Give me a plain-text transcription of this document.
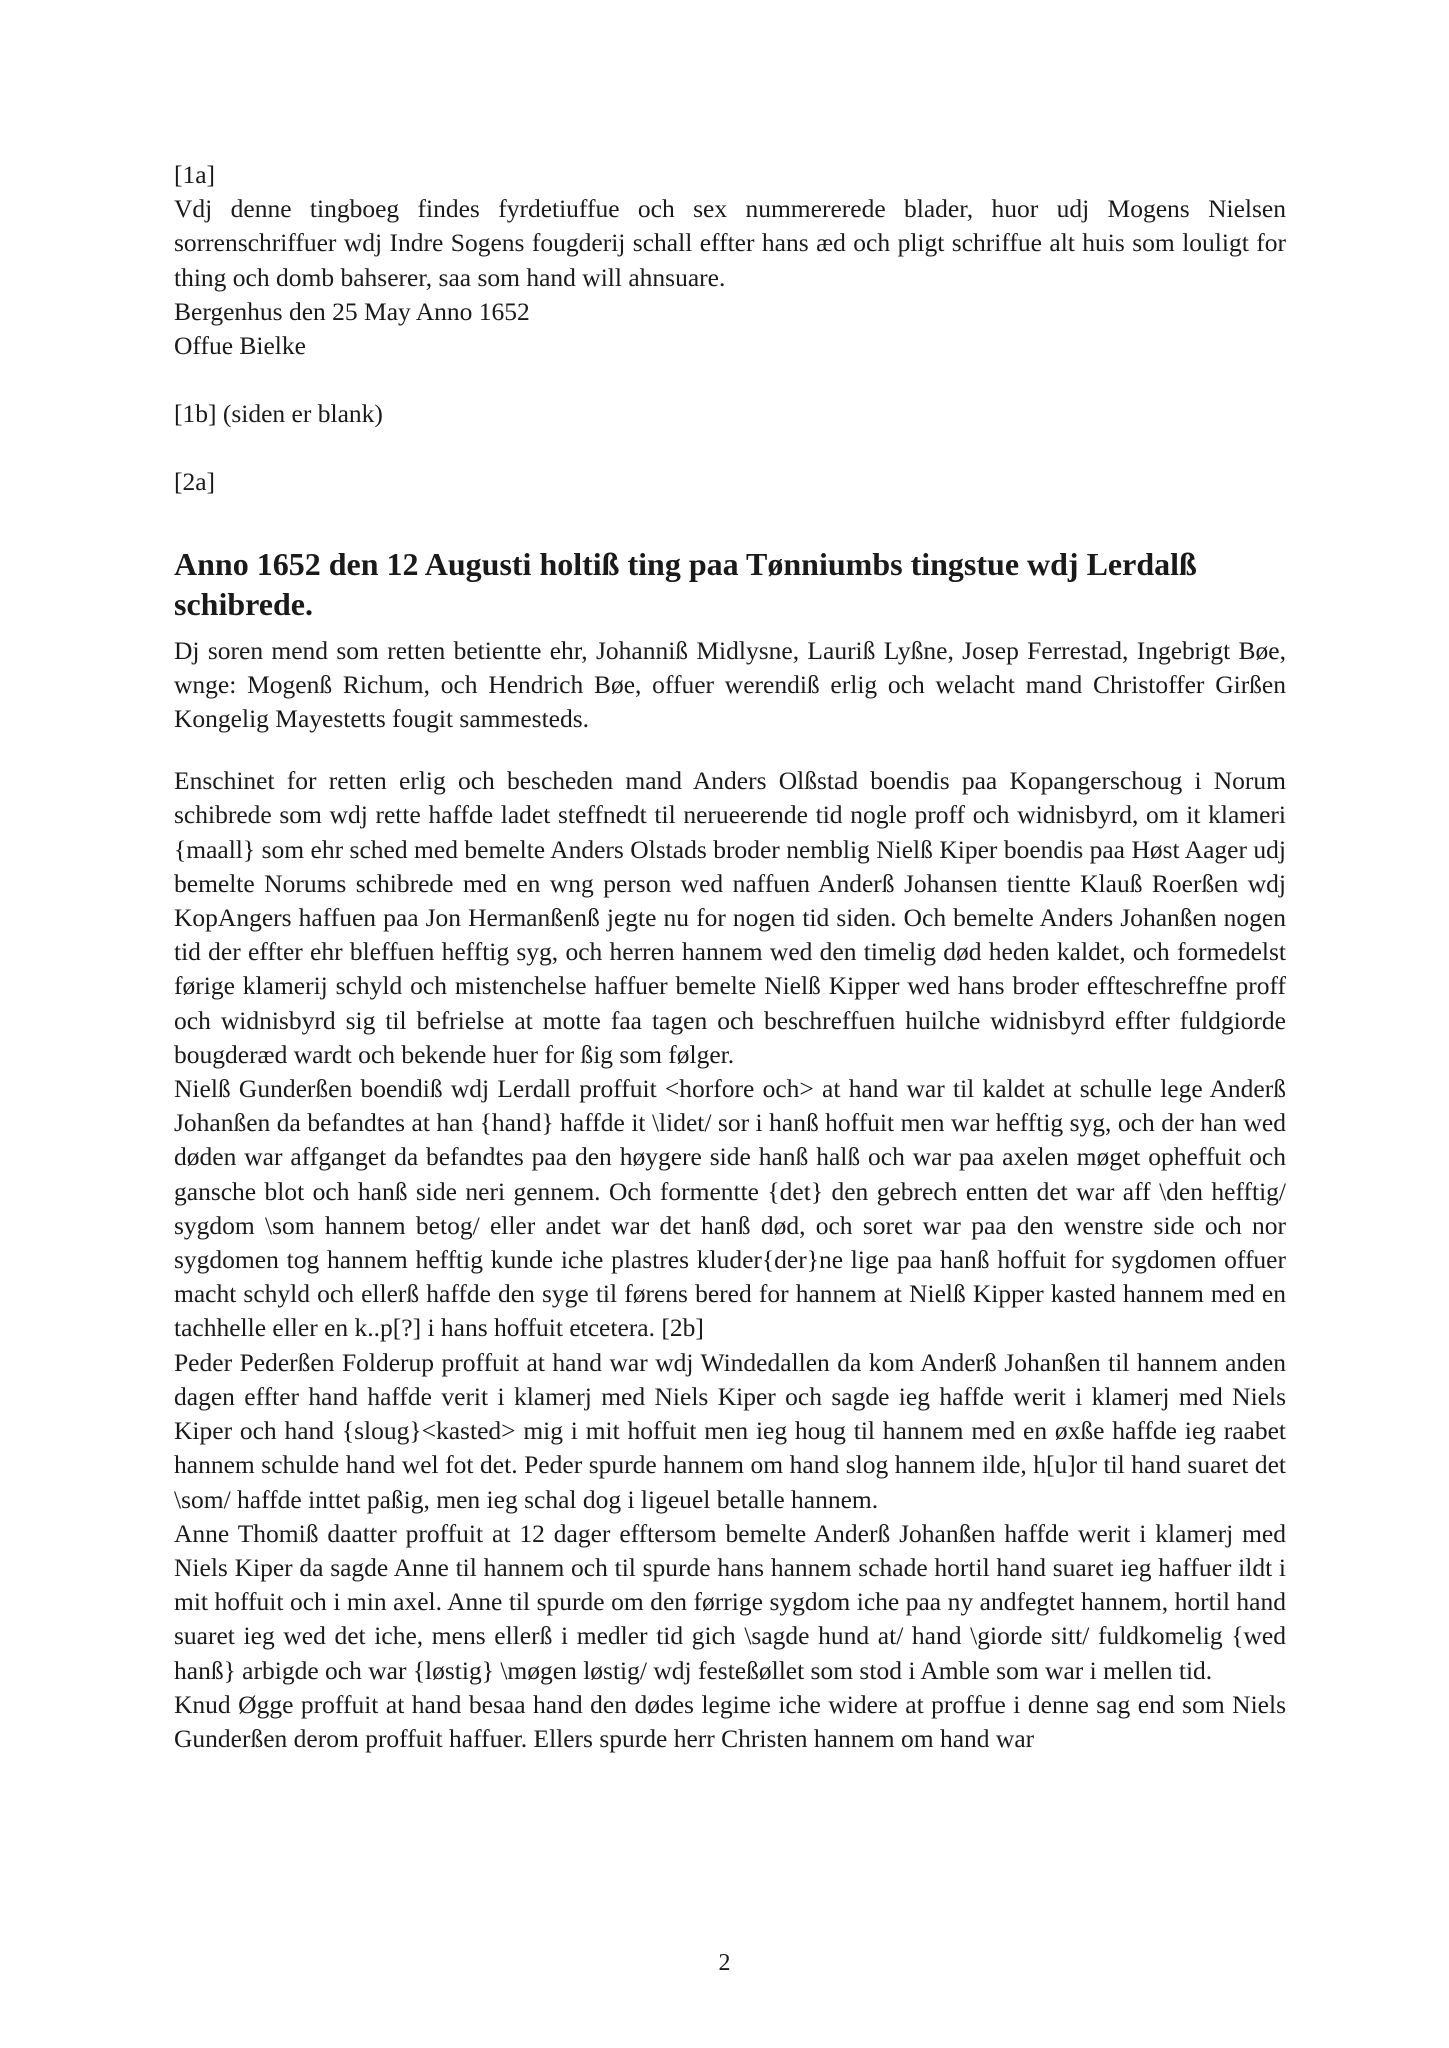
[1a]

Vdj denne tingboeg findes fyrdetiuffue och sex nummererede blader, huor udj Mogens Nielsen sorrenschriffuer wdj Indre Sogens fougderij schall effter hans æd och pligt schriffue alt huis som louligt for thing och domb bahserer, saa som hand will ahnsuare.

Bergenhus den 25 May Anno 1652

Offue Bielke

[1b] (siden er blank)

[2a]

Anno 1652 den 12 Augusti holtiß ting paa Tønniumbs tingstue wdj Lerdalß schibrede.

Dj soren mend som retten betientte ehr, Johanniß Midlysne, Lauriß Lyßne, Josep Ferrestad, Ingebrigt Bøe, wnge: Mogenß Richum, och Hendrich Bøe, offuer werendiß erlig och welacht mand Christoffer Girßen Kongelig Mayestetts fougit sammesteds.

Enschinet for retten erlig och bescheden mand Anders Olßstad boendis paa Kopangerschoug i Norum schibrede som wdj rette haffde ladet steffnedt til nerueerende tid nogle proff och widnisbyrd, om it klameri {maall} som ehr sched med bemelte Anders Olstads broder nemblig Nielß Kiper boendis paa Høst Aager udj bemelte Norums schibrede med en wng person wed naffuen Anderß Johansen tientte Klauß Roerßen wdj KopAngers haffuen paa Jon Hermanßenß jegte nu for nogen tid siden. Och bemelte Anders Johanßen nogen tid der effter ehr bleffuen hefftig syg, och herren hannem wed den timelig død heden kaldet, och formedelst førige klamerij schyld och mistenchelse haffuer bemelte Nielß Kipper wed hans broder effteschreffne proff och widnisbyrd sig til befrielse at motte faa tagen och beschreffuen huilche widnisbyrd effter fuldgiorde bougderæd wardt och bekende huer for ßig som følger.

Nielß Gunderßen boendiß wdj Lerdall proffuit <horfore och> at hand war til kaldet at schulle lege Anderß Johanßen da befandtes at han {hand} haffde it \lidet/ sor i hanß hoffuit men war hefftig syg, och der han wed døden war affganget da befandtes paa den høygere side hanß halß och war paa axelen møget opheffuit och gansche blot och hanß side neri gennem. Och formentte {det} den gebrech entten det war aff \den hefftig/ sygdom \som hannem betog/ eller andet war det hanß død, och soret war paa den wenstre side och nor sygdomen tog hannem hefftig kunde iche plastres kluder{der}ne lige paa hanß hoffuit for sygdomen offuer macht schyld och ellerß haffde den syge til førens bered for hannem at Nielß Kipper kasted hannem med en tachhelle eller en k..p[?] i hans hoffuit etcetera. [2b]

Peder Pederßen Folderup proffuit at hand war wdj Windedallen da kom Anderß Johanßen til hannem anden dagen effter hand haffde verit i klamerj med Niels Kiper och sagde ieg haffde werit i klamerj med Niels Kiper och hand {sloug}<kasted> mig i mit hoffuit men ieg houg til hannem med en øxße haffde ieg raabet hannem schulde hand wel fot det. Peder spurde hannem om hand slog hannem ilde, h[u]or til hand suaret det \som/ haffde inttet paßig, men ieg schal dog i ligeuel betalle hannem.

Anne Thomiß daatter proffuit at 12 dager efftersom bemelte Anderß Johanßen haffde werit i klamerj med Niels Kiper da sagde Anne til hannem och til spurde hans hannem schade hortil hand suaret ieg haffuer ildt i mit hoffuit och i min axel. Anne til spurde om den førrige sygdom iche paa ny andfegtet hannem, hortil hand suaret ieg wed det iche, mens ellerß i medler tid gich \sagde hund at/ hand \giorde sitt/ fuldkomelig {wed hanß} arbigde och war {løstig} \møgen løstig/ wdj festeßøllet som stod i Amble som war i mellen tid.

Knud Øgge proffuit at hand besaa hand den dødes legime iche widere at proffue i denne sag end som Niels Gunderßen derom proffuit haffuer. Ellers spurde herr Christen hannem om hand war

2
